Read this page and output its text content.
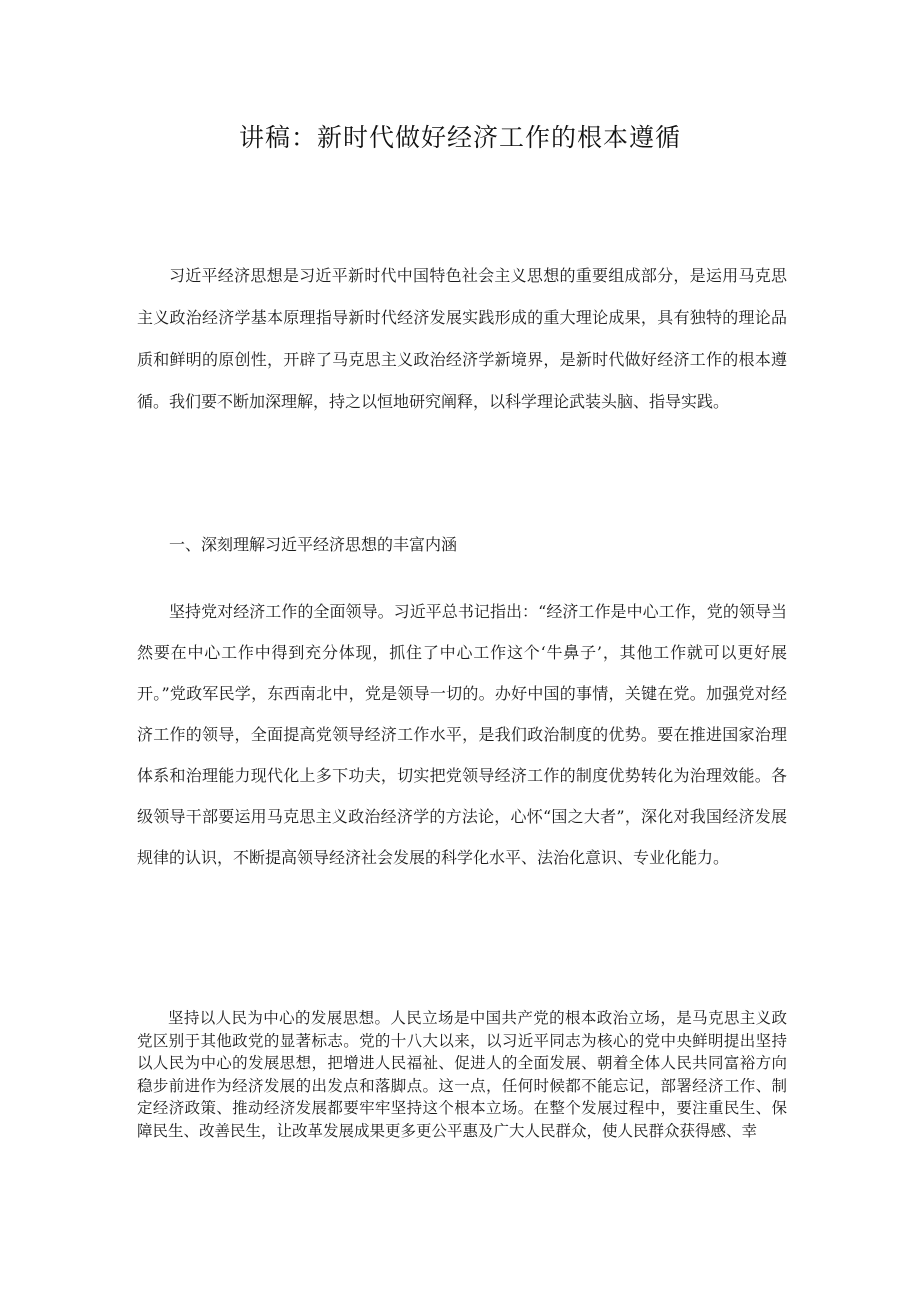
讲稿：新时代做好经济工作的根本遵循

习近平经济思想是习近平新时代中国特色社会主义思想的重要组成部分，是运用马克思主义政治经济学基本原理指导新时代经济发展实践形成的重大理论成果，具有独特的理论品质和鲜明的原创性，开辟了马克思主义政治经济学新境界，是新时代做好经济工作的根本遵循。我们要不断加深理解，持之以恒地研究阐释，以科学理论武装头脑、指导实践。

一、深刻理解习近平经济思想的丰富内涵

坚持党对经济工作的全面领导。习近平总书记指出：“经济工作是中心工作，党的领导当然要在中心工作中得到充分体现，抓住了中心工作这个‘牛鼻子’，其他工作就可以更好展开。”党政军民学，东西南北中，党是领导一切的。办好中国的事情，关键在党。加强党对经济工作的领导，全面提高党领导经济工作水平，是我们政治制度的优势。要在推进国家治理体系和治理能力现代化上多下功夫，切实把党领导经济工作的制度优势转化为治理效能。各级领导干部要运用马克思主义政治经济学的方法论，心怀“国之大者”，深化对我国经济发展规律的认识，不断提高领导经济社会发展的科学化水平、法治化意识、专业化能力。

坚持以人民为中心的发展思想。人民立场是中国共产党的根本政治立场，是马克思主义政党区别于其他政党的显著标志。党的十八大以来，以习近平同志为核心的党中央鲜明提出坚持以人民为中心的发展思想，把增进人民福祉、促进人的全面发展、朝着全体人民共同富裕方向稳步前进作为经济发展的出发点和落脚点。这一点，任何时候都不能忘记，部署经济工作、制定经济政策、推动经济发展都要牢牢坚持这个根本立场。在整个发展过程中，要注重民生、保障民生、改善民生，让改革发展成果更多更公平惠及广大人民群众，使人民群众获得感、幸
